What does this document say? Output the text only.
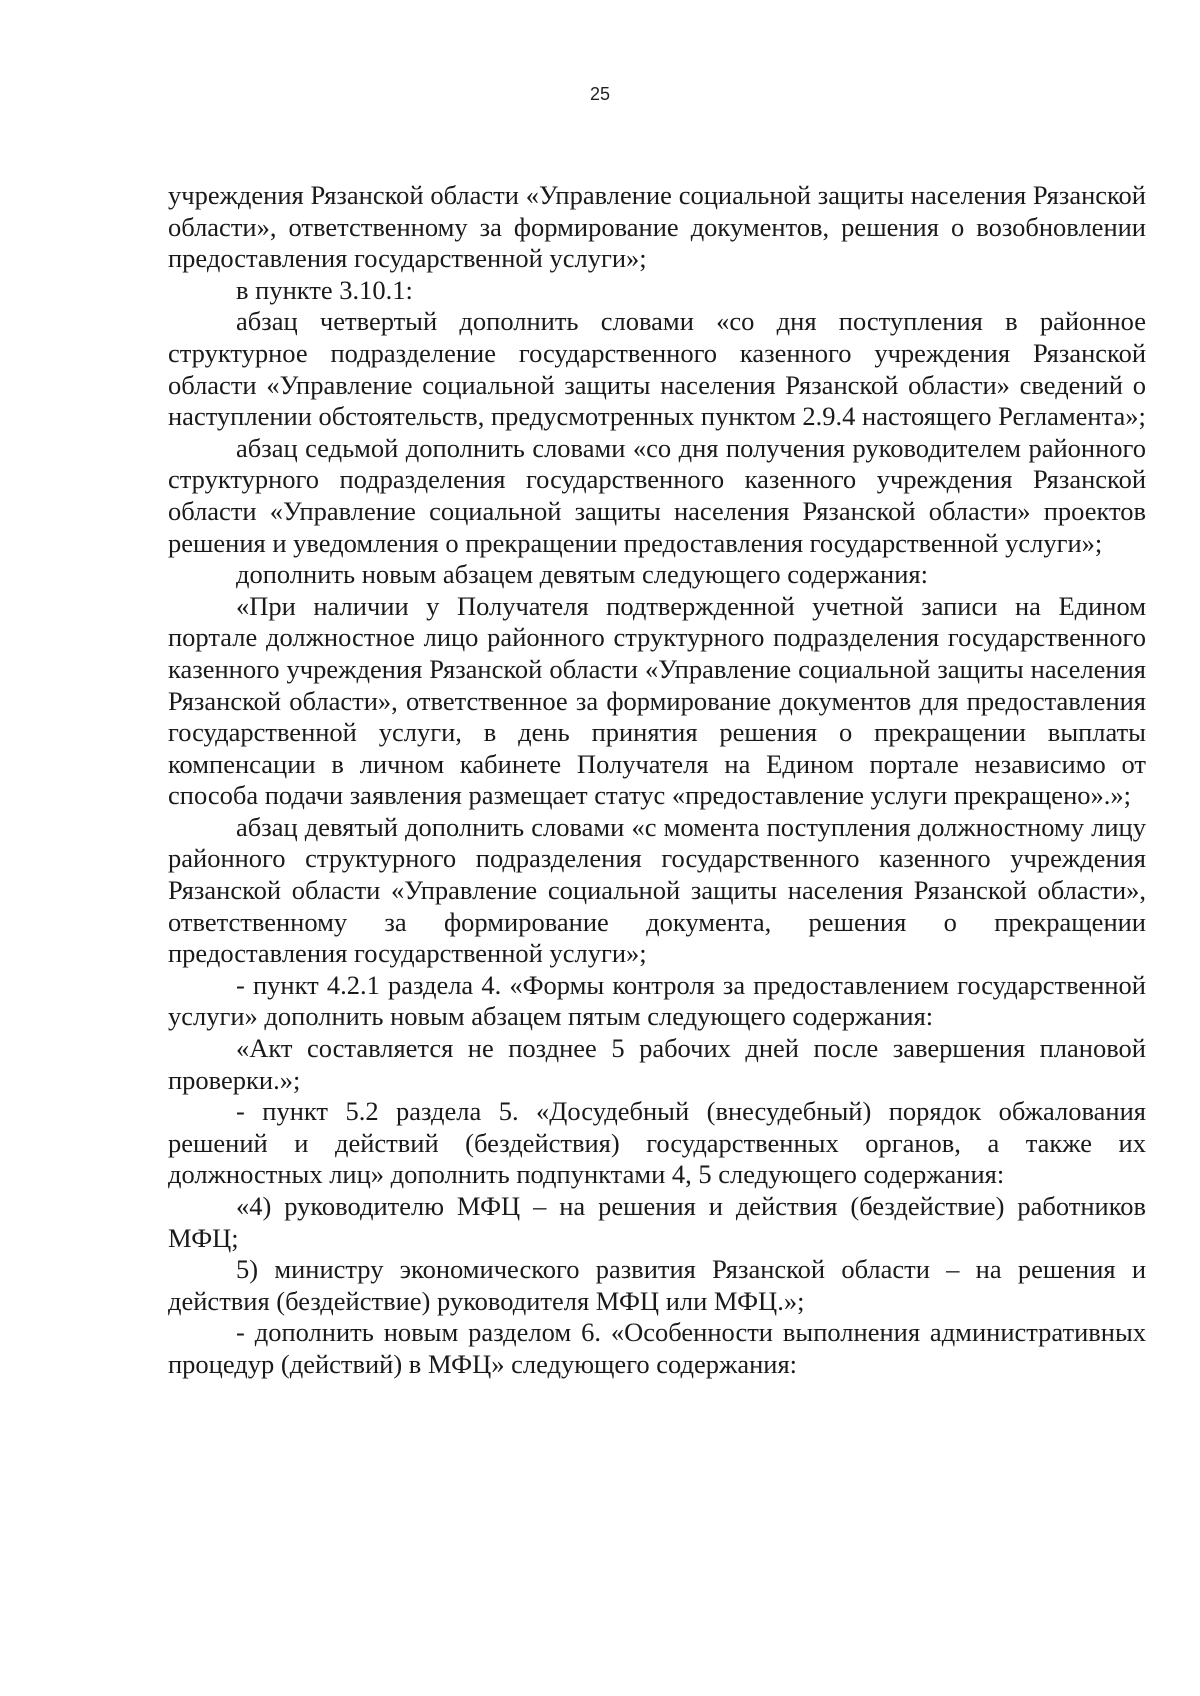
25

учреждения Рязанской области «Управление социальной защиты населения Рязанской области», ответственному за формирование документов, решения о возобновлении предоставления государственной услуги»;

в пункте 3.10.1:

абзац четвертый дополнить словами «со дня поступления в районное структурное подразделение государственного казенного учреждения Рязанской области «Управление социальной защиты населения Рязанской области» сведений о наступлении обстоятельств, предусмотренных пунктом 2.9.4 настоящего Регламента»;

абзац седьмой дополнить словами «со дня получения руководителем районного структурного подразделения государственного казенного учреждения Рязанской области «Управление социальной защиты населения Рязанской области» проектов решения и уведомления о прекращении предоставления государственной услуги»;

дополнить новым абзацем девятым следующего содержания:

«При наличии у Получателя подтвержденной учетной записи на Едином портале должностное лицо районного структурного подразделения государственного казенного учреждения Рязанской области «Управление социальной защиты населения Рязанской области», ответственное за формирование документов для предоставления государственной услуги, в день принятия решения о прекращении выплаты компенсации в личном кабинете Получателя на Едином портале независимо от способа подачи заявления размещает статус «предоставление услуги прекращено».»;

абзац девятый дополнить словами «с момента поступления должностному лицу районного структурного подразделения государственного казенного учреждения Рязанской области «Управление социальной защиты населения Рязанской области», ответственному за формирование документа, решения о прекращении предоставления государственной услуги»;

- пункт 4.2.1 раздела 4. «Формы контроля за предоставлением государственной услуги» дополнить новым абзацем пятым следующего содержания:

«Акт составляется не позднее 5 рабочих дней после завершения плановой проверки.»;

- пункт 5.2 раздела 5. «Досудебный (внесудебный) порядок обжалования решений и действий (бездействия) государственных органов, а также их должностных лиц» дополнить подпунктами 4, 5 следующего содержания:

«4) руководителю МФЦ – на решения и действия (бездействие) работников МФЦ;

5) министру экономического развития Рязанской области – на решения и действия (бездействие) руководителя МФЦ или МФЦ.»;

- дополнить новым разделом 6. «Особенности выполнения административных процедур (действий) в МФЦ» следующего содержания:
